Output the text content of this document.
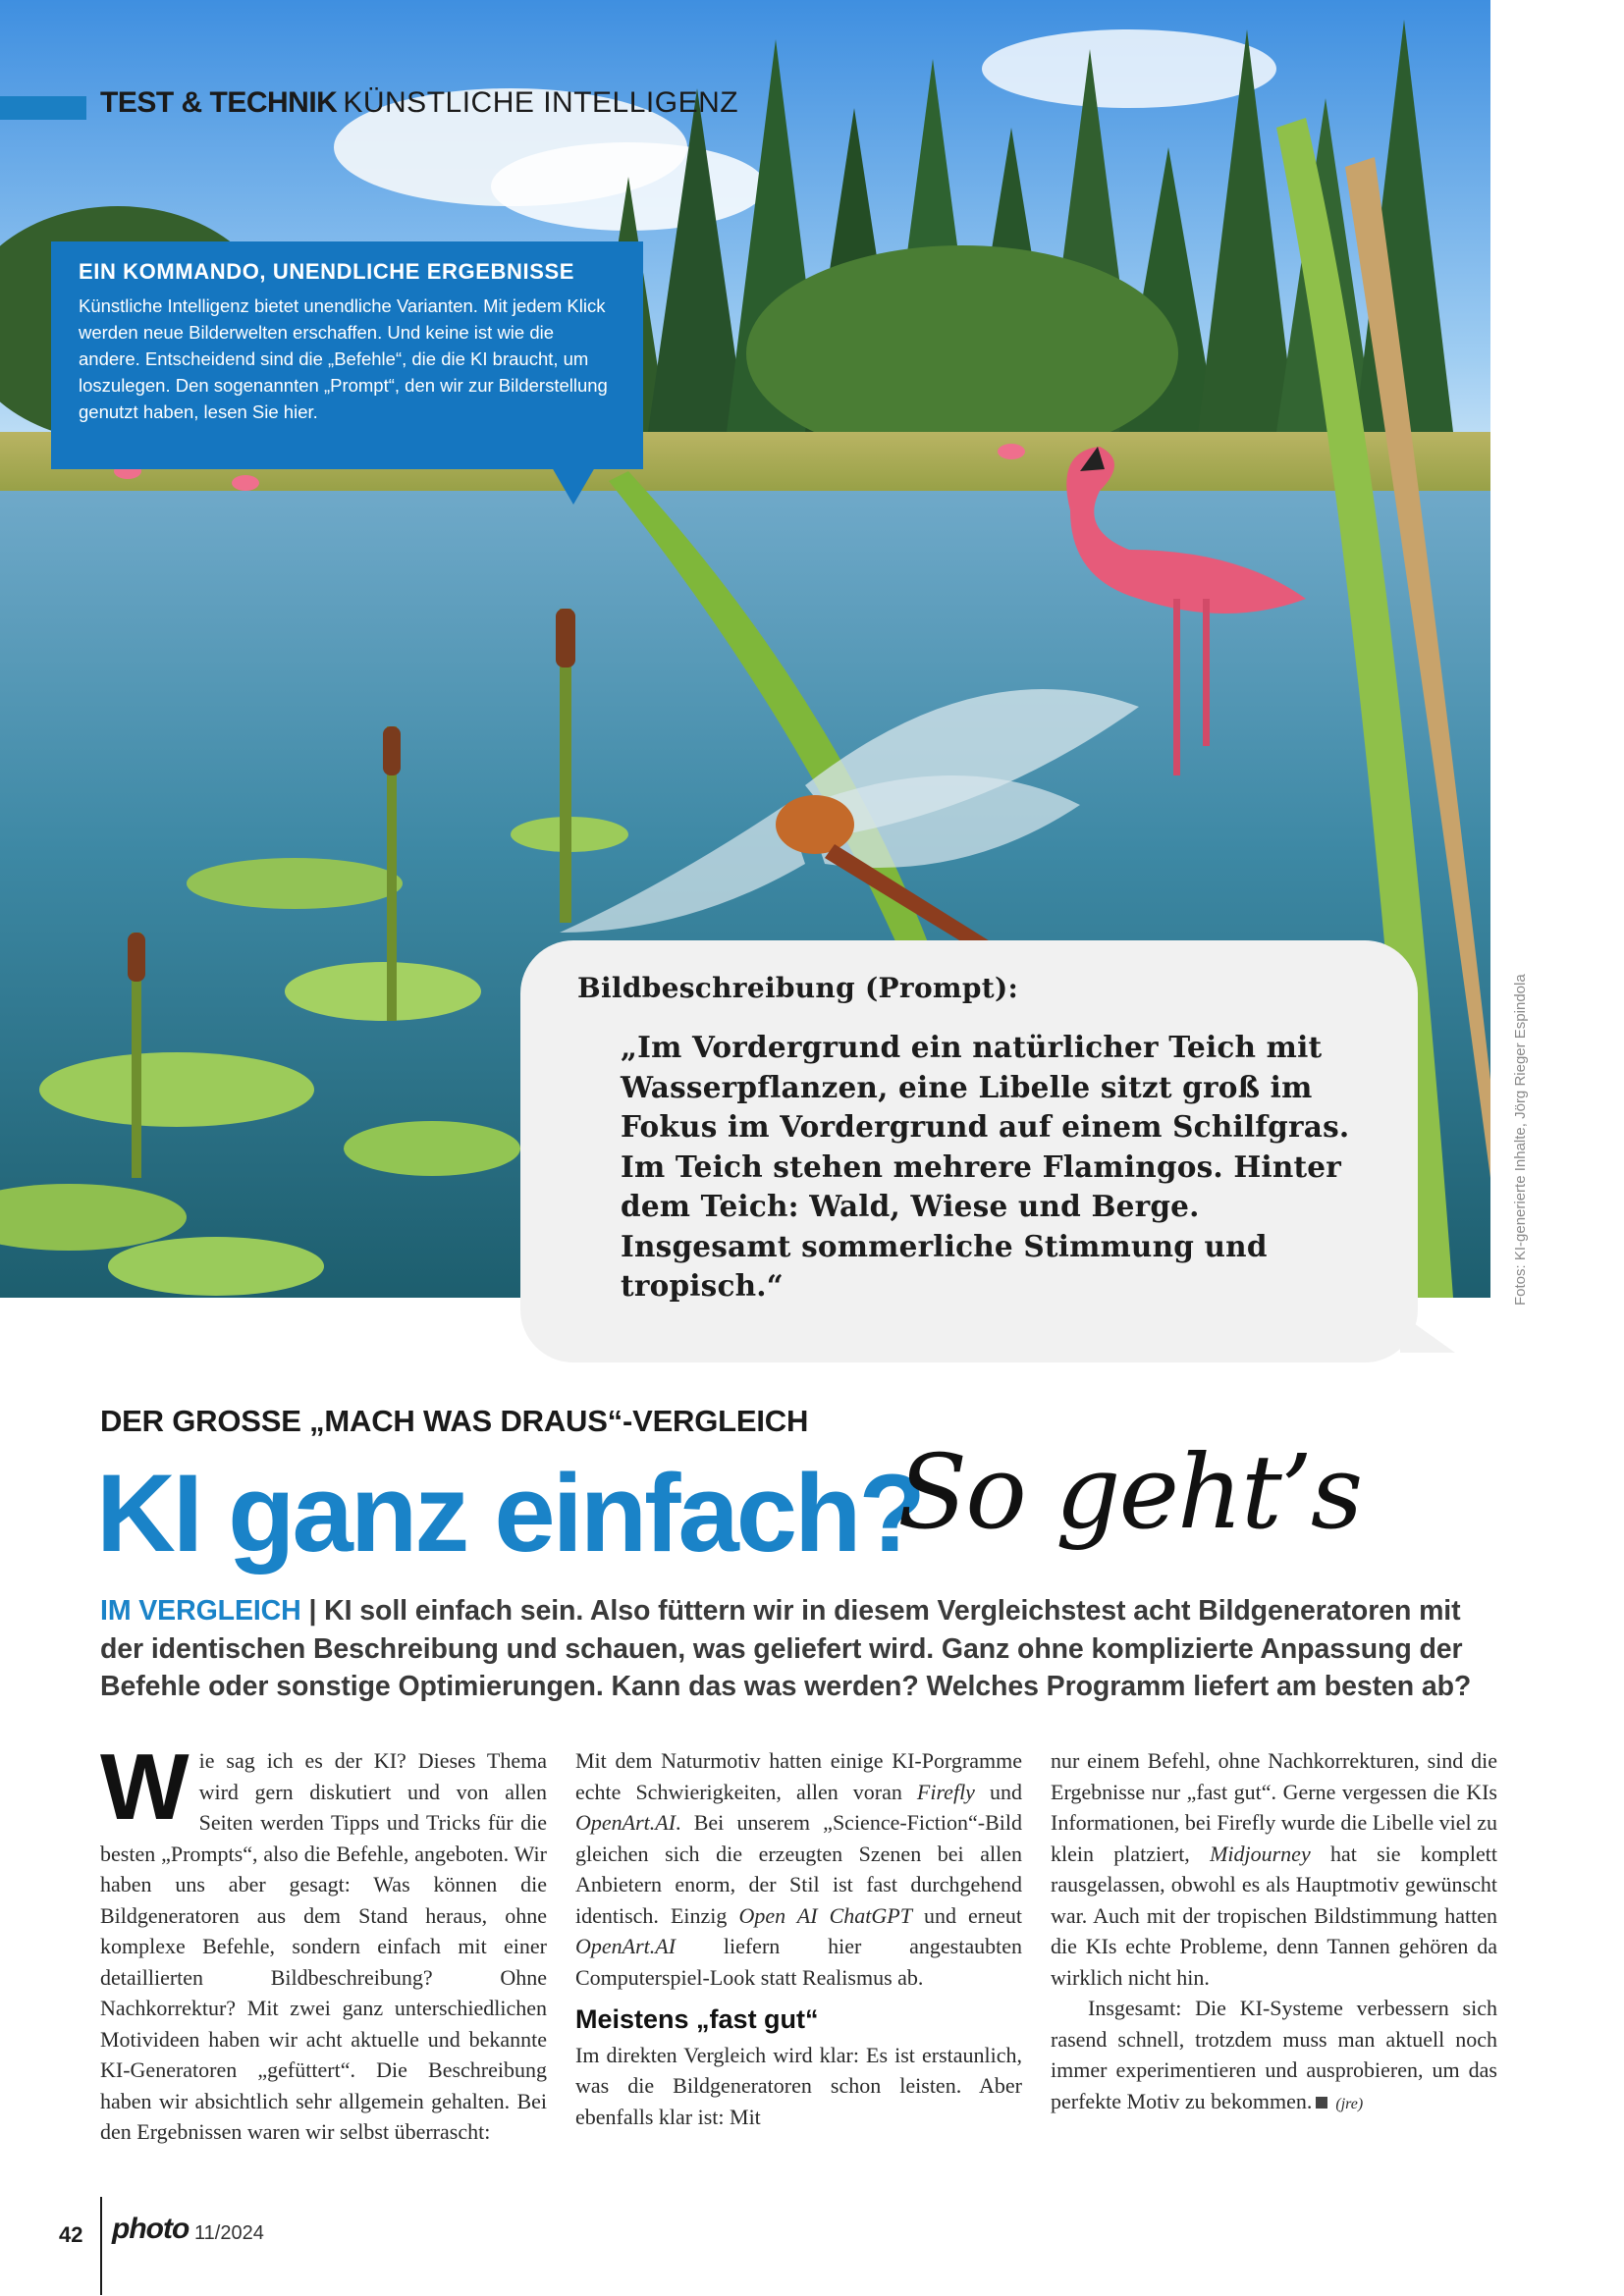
TEST & TECHNIK KÜNSTLICHE INTELLIGENZ
EIN KOMMANDO, UNENDLICHE ERGEBNISSE

Künstliche Intelligenz bietet unendliche Varianten. Mit jedem Klick werden neue Bilderwelten erschaffen. Und keine ist wie die andere. Entscheidend sind die „Befehle“, die die KI braucht, um loszulegen. Den sogenannten „Prompt“, den wir zur Bilderstellung genutzt haben, lesen Sie hier.

Bildbeschreibung (Prompt):

„Im Vordergrund ein natürlicher Teich mit Wasserpflanzen, eine Libelle sitzt groß im Fokus im Vordergrund auf einem Schilfgras. Im Teich stehen mehrere Flamingos. Hinter dem Teich: Wald, Wiese und Berge. Insgesamt sommerliche Stimmung und tropisch.“	Fotos: KI-generierte Inhalte, Jörg Rieger Espindola
DER GROSSE „MACH WAS DRAUS“-VERGLEICH
KI ganz einfach?
So geht’s
IM VERGLEICH | KI soll einfach sein. Also füttern wir in diesem Vergleichstest acht Bildgeneratoren mit der identischen Beschreibung und schauen, was geliefert wird. Ganz ohne komplizierte Anpassung der Befehle oder sonstige Optimierungen. Kann das was werden? Welches Programm liefert am besten ab?
Wie sag ich es der KI? Dieses Thema wird gern diskutiert und von allen Seiten werden Tipps und Tricks für die besten „Prompts“, also die Befehle, angeboten. Wir haben uns aber gesagt: Was können die Bildgeneratoren aus dem Stand heraus, ohne komplexe Befehle, sondern einfach mit einer detaillierten Bildbeschreibung? Ohne Nachkorrektur? Mit zwei ganz unterschiedlichen Motivideen haben wir acht aktuelle und bekannte KI-Generatoren „gefüttert“. Die Beschreibung haben wir absichtlich sehr allgemein gehalten. Bei den Ergebnissen waren wir selbst überrascht:

Mit dem Naturmotiv hatten einige KI-Porgramme echte Schwierigkeiten, allen voran Firefly und OpenArt.AI. Bei unserem „Science-Fiction“-Bild gleichen sich die erzeugten Szenen bei allen Anbietern enorm, der Stil ist fast durchgehend identisch. Einzig Open AI ChatGPT und erneut OpenArt.AI liefern hier angestaubten Computerspiel-Look statt Realismus ab.

Meistens „fast gut“

Im direkten Vergleich wird klar: Es ist erstaunlich, was die Bildgeneratoren schon leisten. Aber ebenfalls klar ist: Mit

nur einem Befehl, ohne Nachkorrekturen, sind die Ergebnisse nur „fast gut“. Gerne vergessen die KIs Informationen, bei Firefly wurde die Libelle viel zu klein platziert, Midjourney hat sie komplett rausgelassen, obwohl es als Hauptmotiv gewünscht war. Auch mit der tropischen Bildstimmung hatten die KIs echte Probleme, denn Tannen gehören da wirklich nicht hin.

Insgesamt: Die KI-Systeme verbessern sich rasend schnell, trotzdem muss man aktuell noch immer experimentieren und ausprobieren, um das perfekte Motiv zu bekommen. (jre)

42 photo 11/2024
